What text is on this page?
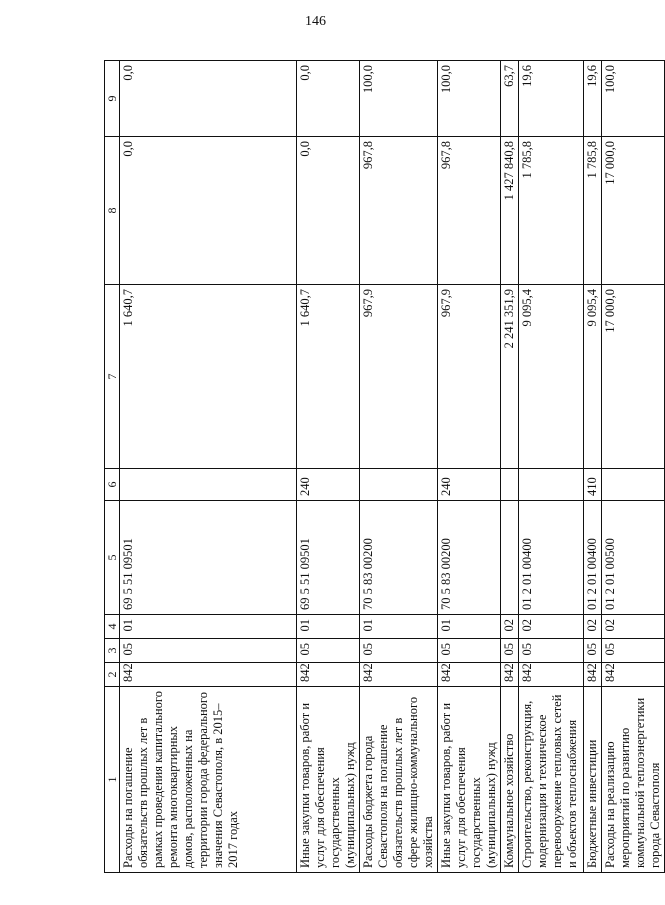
146
1	2	3	4	5	6	7	8	9
Расходы на погашение обязательств прошлых лет в рамках проведения капитального ремонта многоквартирных домов, расположенных на территории города федерального значения Севастополя, в 2015–2017 годах	842	05	01	69 5 51 09501		1 640,7	0,0	0,0
Иные закупки товаров, работ и услуг для обеспечения государственных (муниципальных) нужд	842	05	01	69 5 51 09501	240	1 640,7	0,0	0,0
Расходы бюджета города Севастополя на погашение обязательств прошлых лет в сфере жилищно-коммунального хозяйства	842	05	01	70 5 83 00200		967,9	967,8	100,0
Иные закупки товаров, работ и услуг для обеспечения государственных (муниципальных) нужд	842	05	01	70 5 83 00200	240	967,9	967,8	100,0
Коммунальное хозяйство	842	05	02			2 241 351,9	1 427 840,8	63,7
Строительство, реконструкция, модернизация и техническое перевооружение тепловых сетей и объектов теплоснабжения	842	05	02	01 2 01 00400		9 095,4	1 785,8	19,6
Бюджетные инвестиции	842	05	02	01 2 01 00400	410	9 095,4	1 785,8	19,6
Расходы на реализацию мероприятий по развитию коммунальной теплоэнергетики города Севастополя	842	05	02	01 2 01 00500		17 000,0	17 000,0	100,0
